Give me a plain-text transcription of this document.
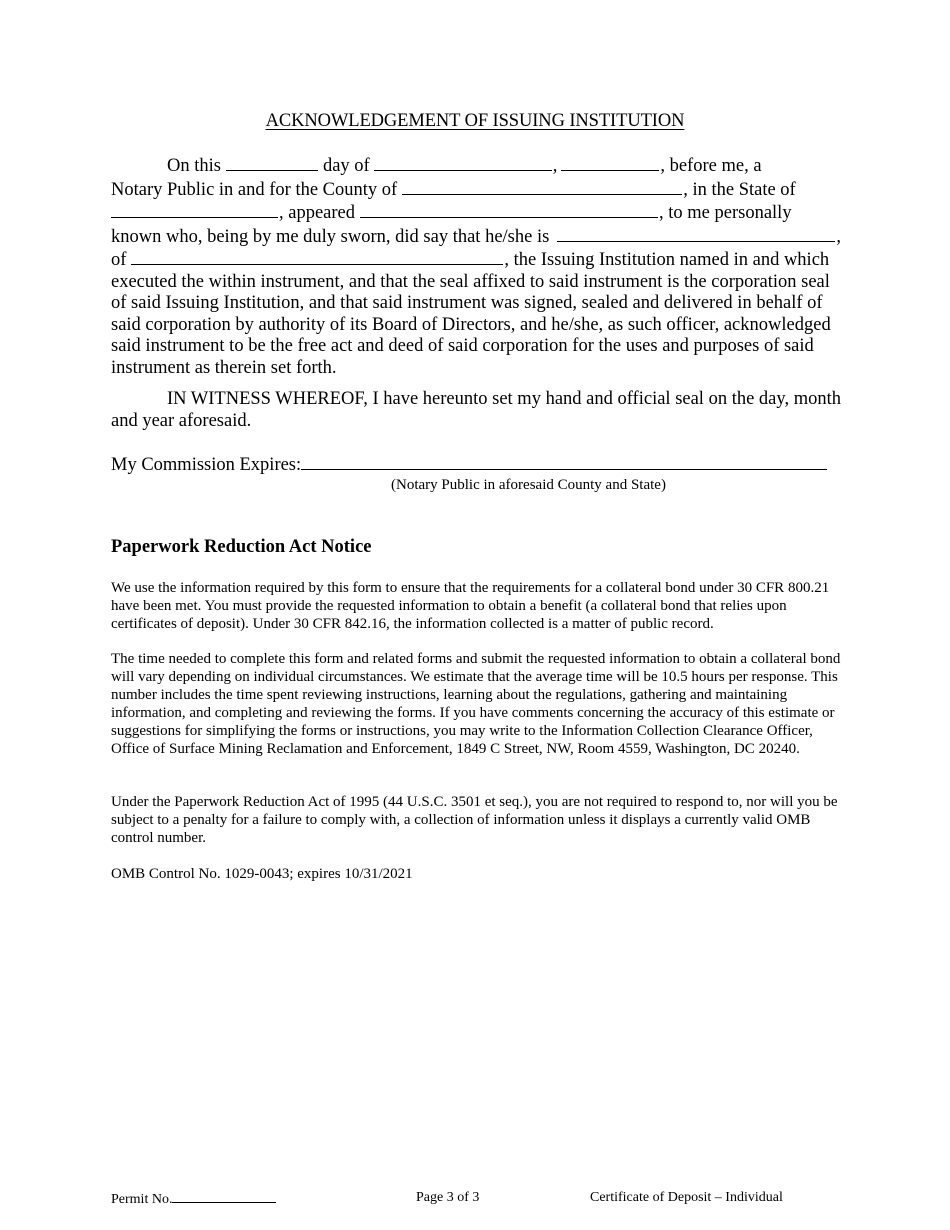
ACKNOWLEDGEMENT OF ISSUING INSTITUTION
On this	day of	,	, before me, a
Notary Public in and for the County of	, in the State of
, appeared	, to me personally
known who, being by me duly sworn, did say that he/she is	,
of	, the Issuing Institution named in and which

executed the within instrument, and that the seal affixed to said instrument is the corporation seal of said Issuing Institution, and that said instrument was signed, sealed and delivered in behalf of said corporation by authority of its Board of Directors, and he/she, as such officer, acknowledged said instrument to be the free act and deed of said corporation for the uses and purposes of said instrument as therein set forth.

IN WITNESS WHEREOF, I have hereunto set my hand and official seal on the day, month and year aforesaid.

My Commission Expires:
(Notary Public in aforesaid County and State)
Paperwork Reduction Act Notice

We use the information required by this form to ensure that the requirements for a collateral bond under 30 CFR 800.21 have been met. You must provide the requested information to obtain a benefit (a collateral bond that relies upon certificates of deposit). Under 30 CFR 842.16, the information collected is a matter of public record.

The time needed to complete this form and related forms and submit the requested information to obtain a collateral bond will vary depending on individual circumstances. We estimate that the average time will be 10.5 hours per response. This number includes the time spent reviewing instructions, learning about the regulations, gathering and maintaining information, and completing and reviewing the forms. If you have comments concerning the accuracy of this estimate or suggestions for simplifying the forms or instructions, you may write to the Information Collection Clearance Officer, Office of Surface Mining Reclamation and Enforcement, 1849 C Street, NW, Room 4559, Washington, DC 20240.

Under the Paperwork Reduction Act of 1995 (44 U.S.C. 3501 et seq.), you are not required to respond to, nor will you be subject to a penalty for a failure to comply with, a collection of information unless it displays a currently valid OMB control number.

OMB Control No. 1029-0043; expires 10/31/2021

Permit No.	Page 3 of 3	Certificate of Deposit – Individual
